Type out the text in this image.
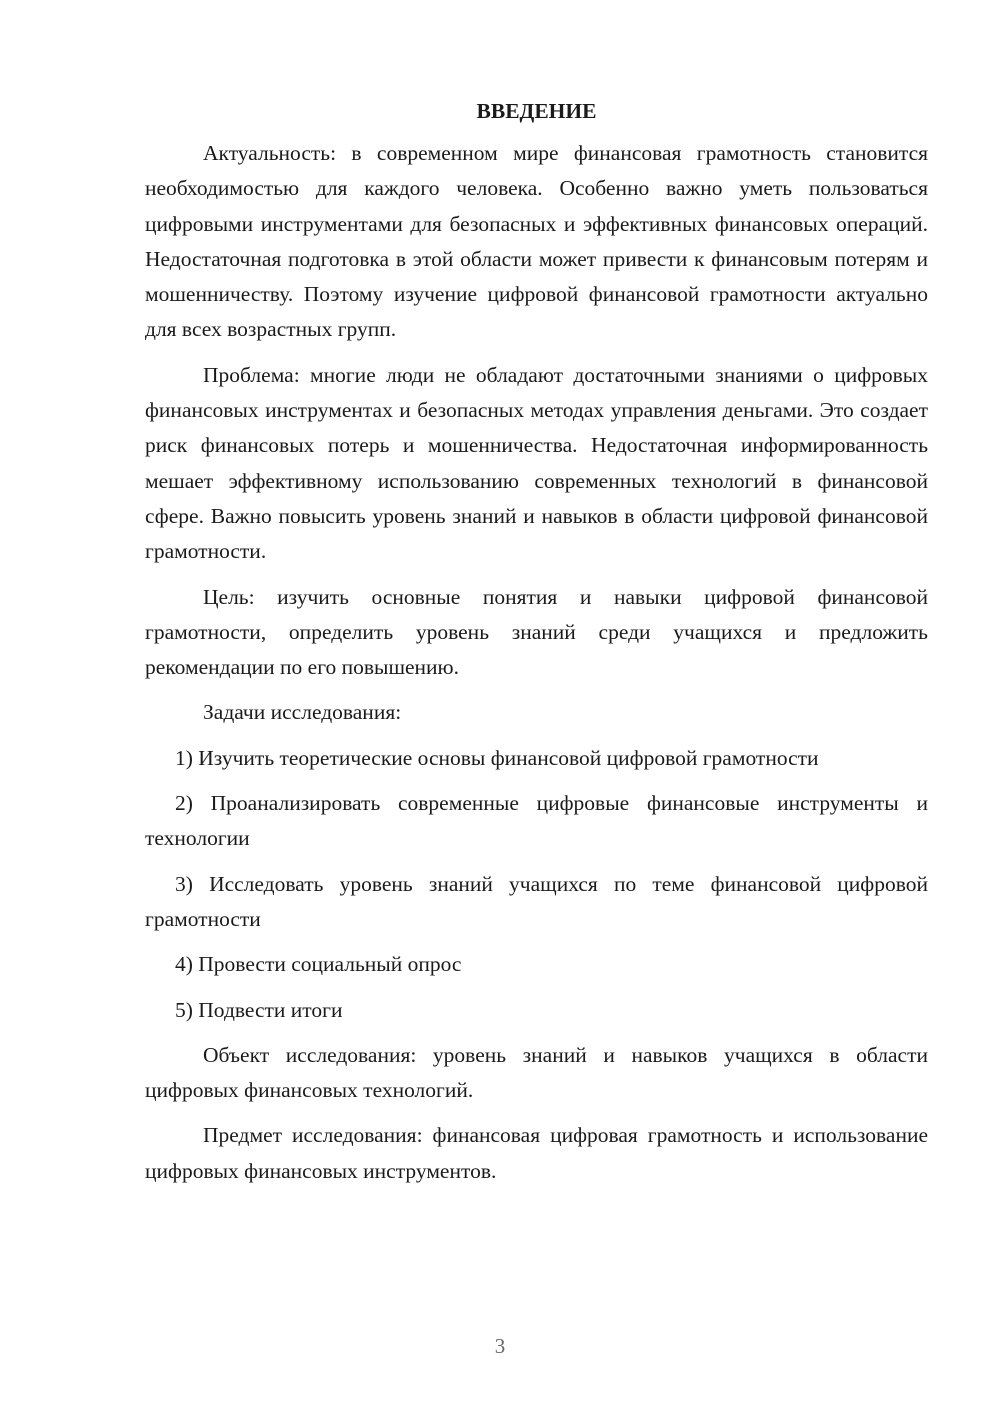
ВВЕДЕНИЕ

Актуальность: в современном мире финансовая грамотность становится необходимостью для каждого человека. Особенно важно уметь пользоваться цифровыми инструментами для безопасных и эффективных финансовых операций. Недостаточная подготовка в этой области может привести к финансовым потерям и мошенничеству. Поэтому изучение цифровой финансовой грамотности актуально для всех возрастных групп.

Проблема: многие люди не обладают достаточными знаниями о цифровых финансовых инструментах и безопасных методах управления деньгами. Это создает риск финансовых потерь и мошенничества. Недостаточная информированность мешает эффективному использованию современных технологий в финансовой сфере. Важно повысить уровень знаний и навыков в области цифровой финансовой грамотности.

Цель: изучить основные понятия и навыки цифровой финансовой грамотности, определить уровень знаний среди учащихся и предложить рекомендации по его повышению.

Задачи исследования:

1) Изучить теоретические основы финансовой цифровой грамотности

2) Проанализировать современные цифровые финансовые инструменты и технологии

3) Исследовать уровень знаний учащихся по теме финансовой цифровой грамотности

4) Провести социальный опрос

5) Подвести итоги

Объект исследования: уровень знаний и навыков учащихся в области цифровых финансовых технологий.

Предмет исследования: финансовая цифровая грамотность и использование цифровых финансовых инструментов.

3
